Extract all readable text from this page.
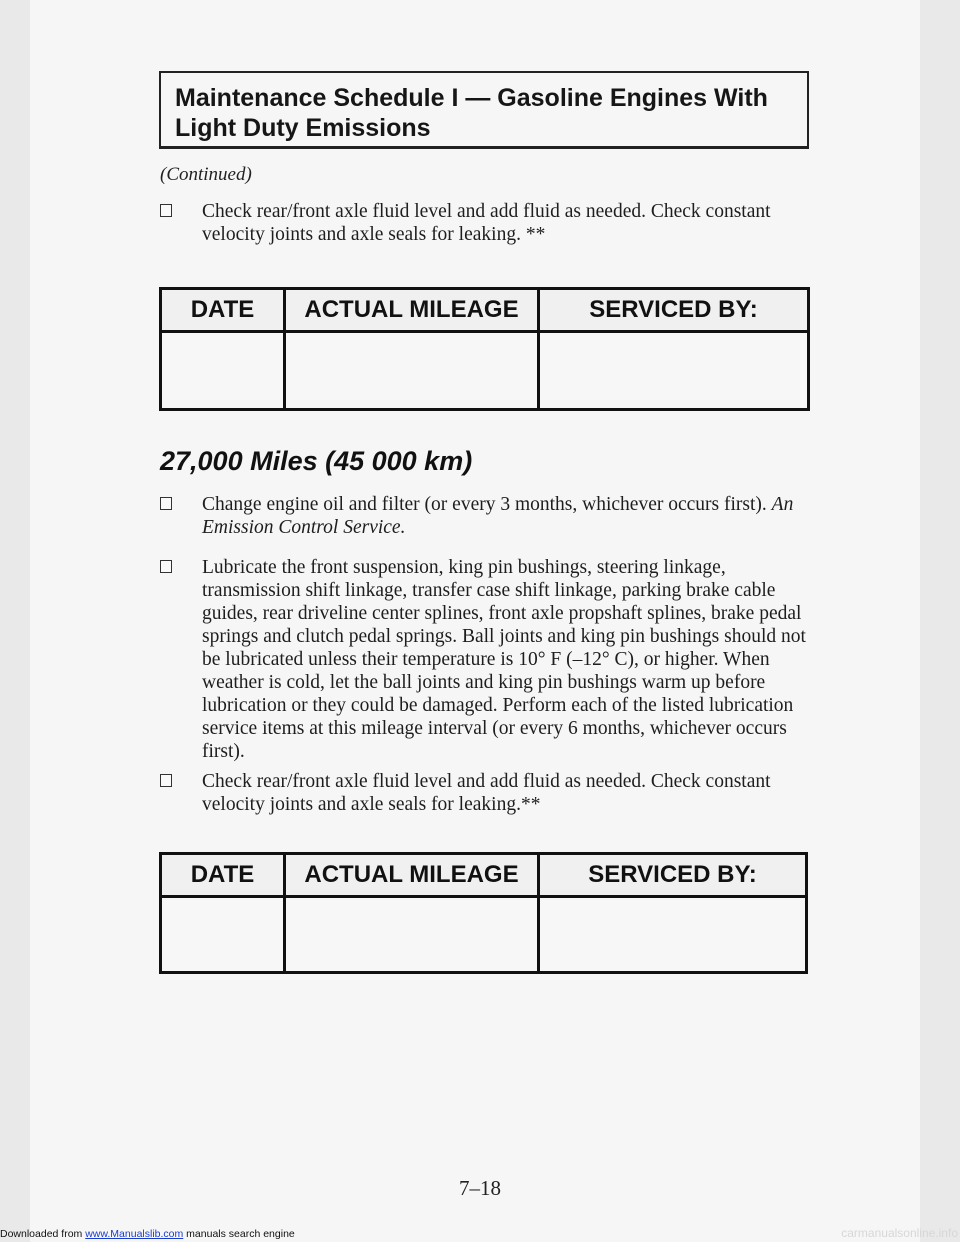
Maintenance Schedule I — Gasoline Engines With
Light Duty Emissions
(Continued)
Check rear/front axle fluid level and add fluid as needed. Check constant velocity joints and axle seals for leaking. **
DATE	ACTUAL MILEAGE	SERVICED BY:
27,000 Miles (45 000 km)
Change engine oil and filter (or every 3 months, whichever occurs first). An Emission Control Service.
Lubricate the front suspension, king pin bushings, steering linkage, transmission shift linkage, transfer case shift linkage, parking brake cable guides, rear driveline center splines, front axle propshaft splines, brake pedal springs and clutch pedal springs. Ball joints and king pin bushings should not be lubricated unless their temperature is 10° F (–12° C), or higher. When weather is cold, let the ball joints and king pin bushings warm up before lubrication or they could be damaged. Perform each of the listed lubrication service items at this mileage interval (or every 6 months, whichever occurs first).
Check rear/front axle fluid level and add fluid as needed. Check constant velocity joints and axle seals for leaking.**
DATE	ACTUAL MILEAGE	SERVICED BY:
7–18
Downloaded from www.Manualslib.com manuals search engine	carmanualsonline.info
